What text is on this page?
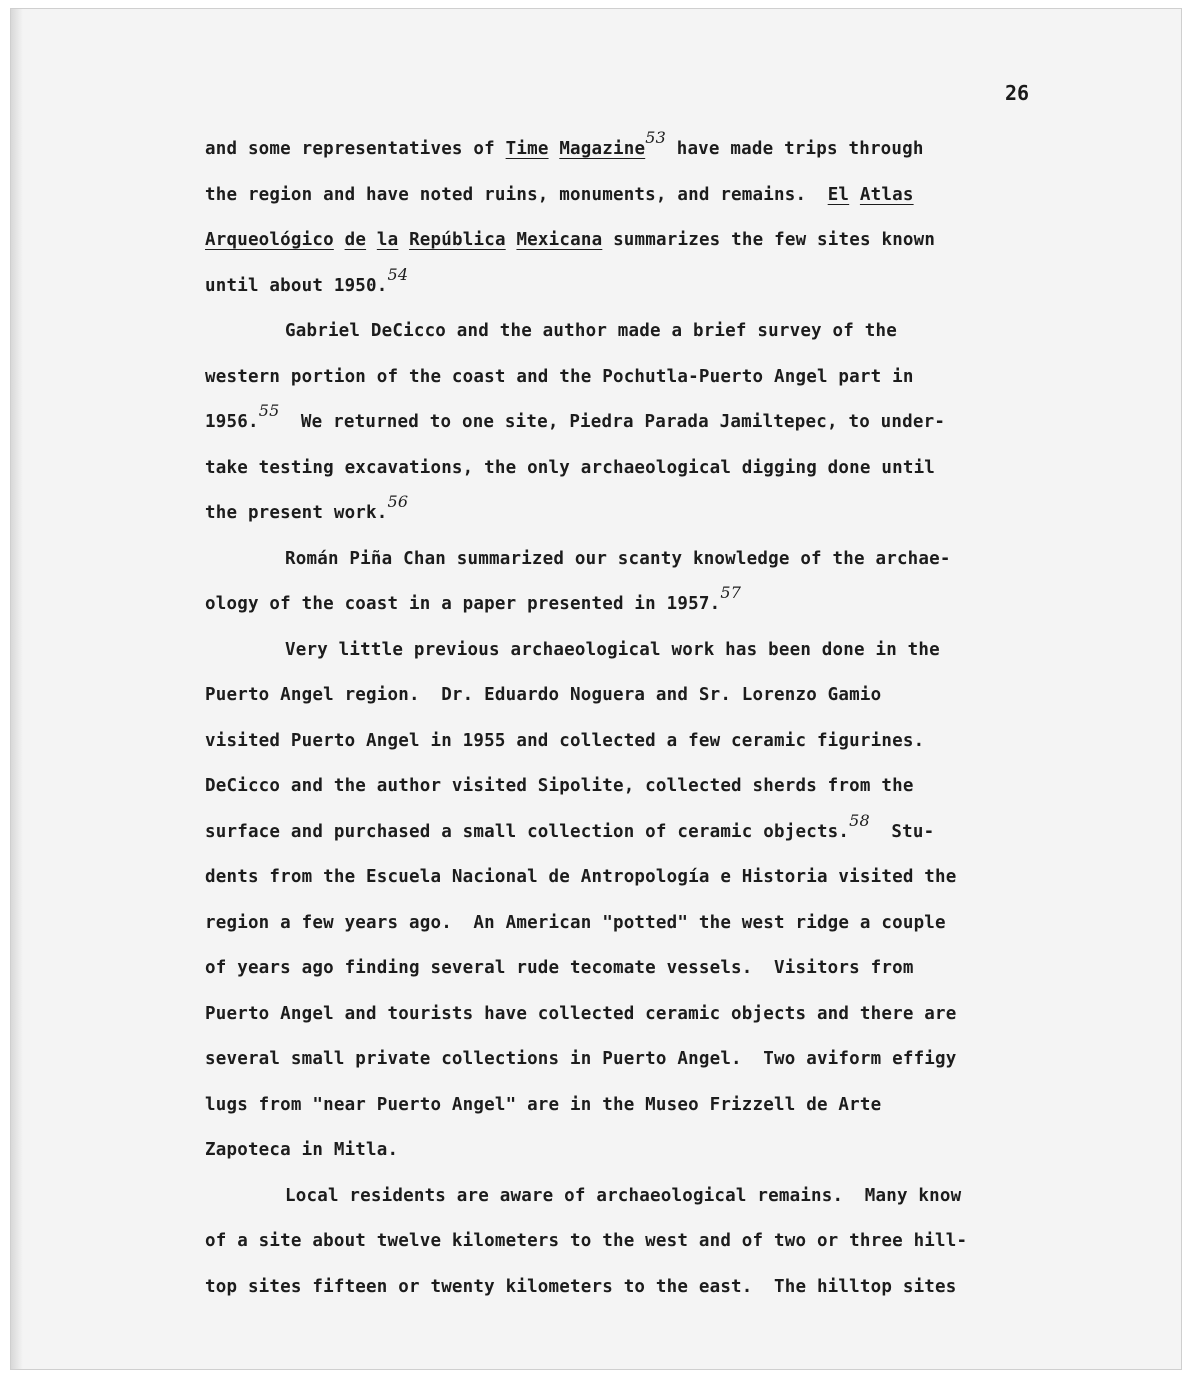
26
and some representatives of Time Magazine$^{53}$ have made trips through
the region and have noted ruins, monuments, and remains.  El Atlas
Arqueológico de la República Mexicana summarizes the few sites known
until about 1950.54
Gabriel DeCicco and the author made a brief survey of the
western portion of the coast and the Pochutla-Puerto Angel part in
1956.55  We returned to one site, Piedra Parada Jamiltepec, to under-
take testing excavations, the only archaeological digging done until
the present work.$^{56}$
Román Piña Chan summarized our scanty knowledge of the archae-
ology of the coast in a paper presented in 1957.57
Very little previous archaeological work has been done in the
Puerto Angel region.  Dr. Eduardo Noguera and Sr. Lorenzo Gamio
visited Puerto Angel in 1955 and collected a few ceramic figurines.
DeCicco and the author visited Sipolite, collected sherds from the
surface and purchased a small collection of ceramic objects.$^{58}$  Stu-
dents from the Escuela Nacional de Antropología e Historia visited the
region a few years ago.  An American "potted" the west ridge a couple
of years ago finding several rude tecomate vessels.  Visitors from
Puerto Angel and tourists have collected ceramic objects and there are
several small private collections in Puerto Angel.  Two aviform effigy
lugs from "near Puerto Angel" are in the Museo Frizzell de Arte
Zapoteca in Mitla.
Local residents are aware of archaeological remains.  Many know
of a site about twelve kilometers to the west and of two or three hill-
top sites fifteen or twenty kilometers to the east.  The hilltop sites
